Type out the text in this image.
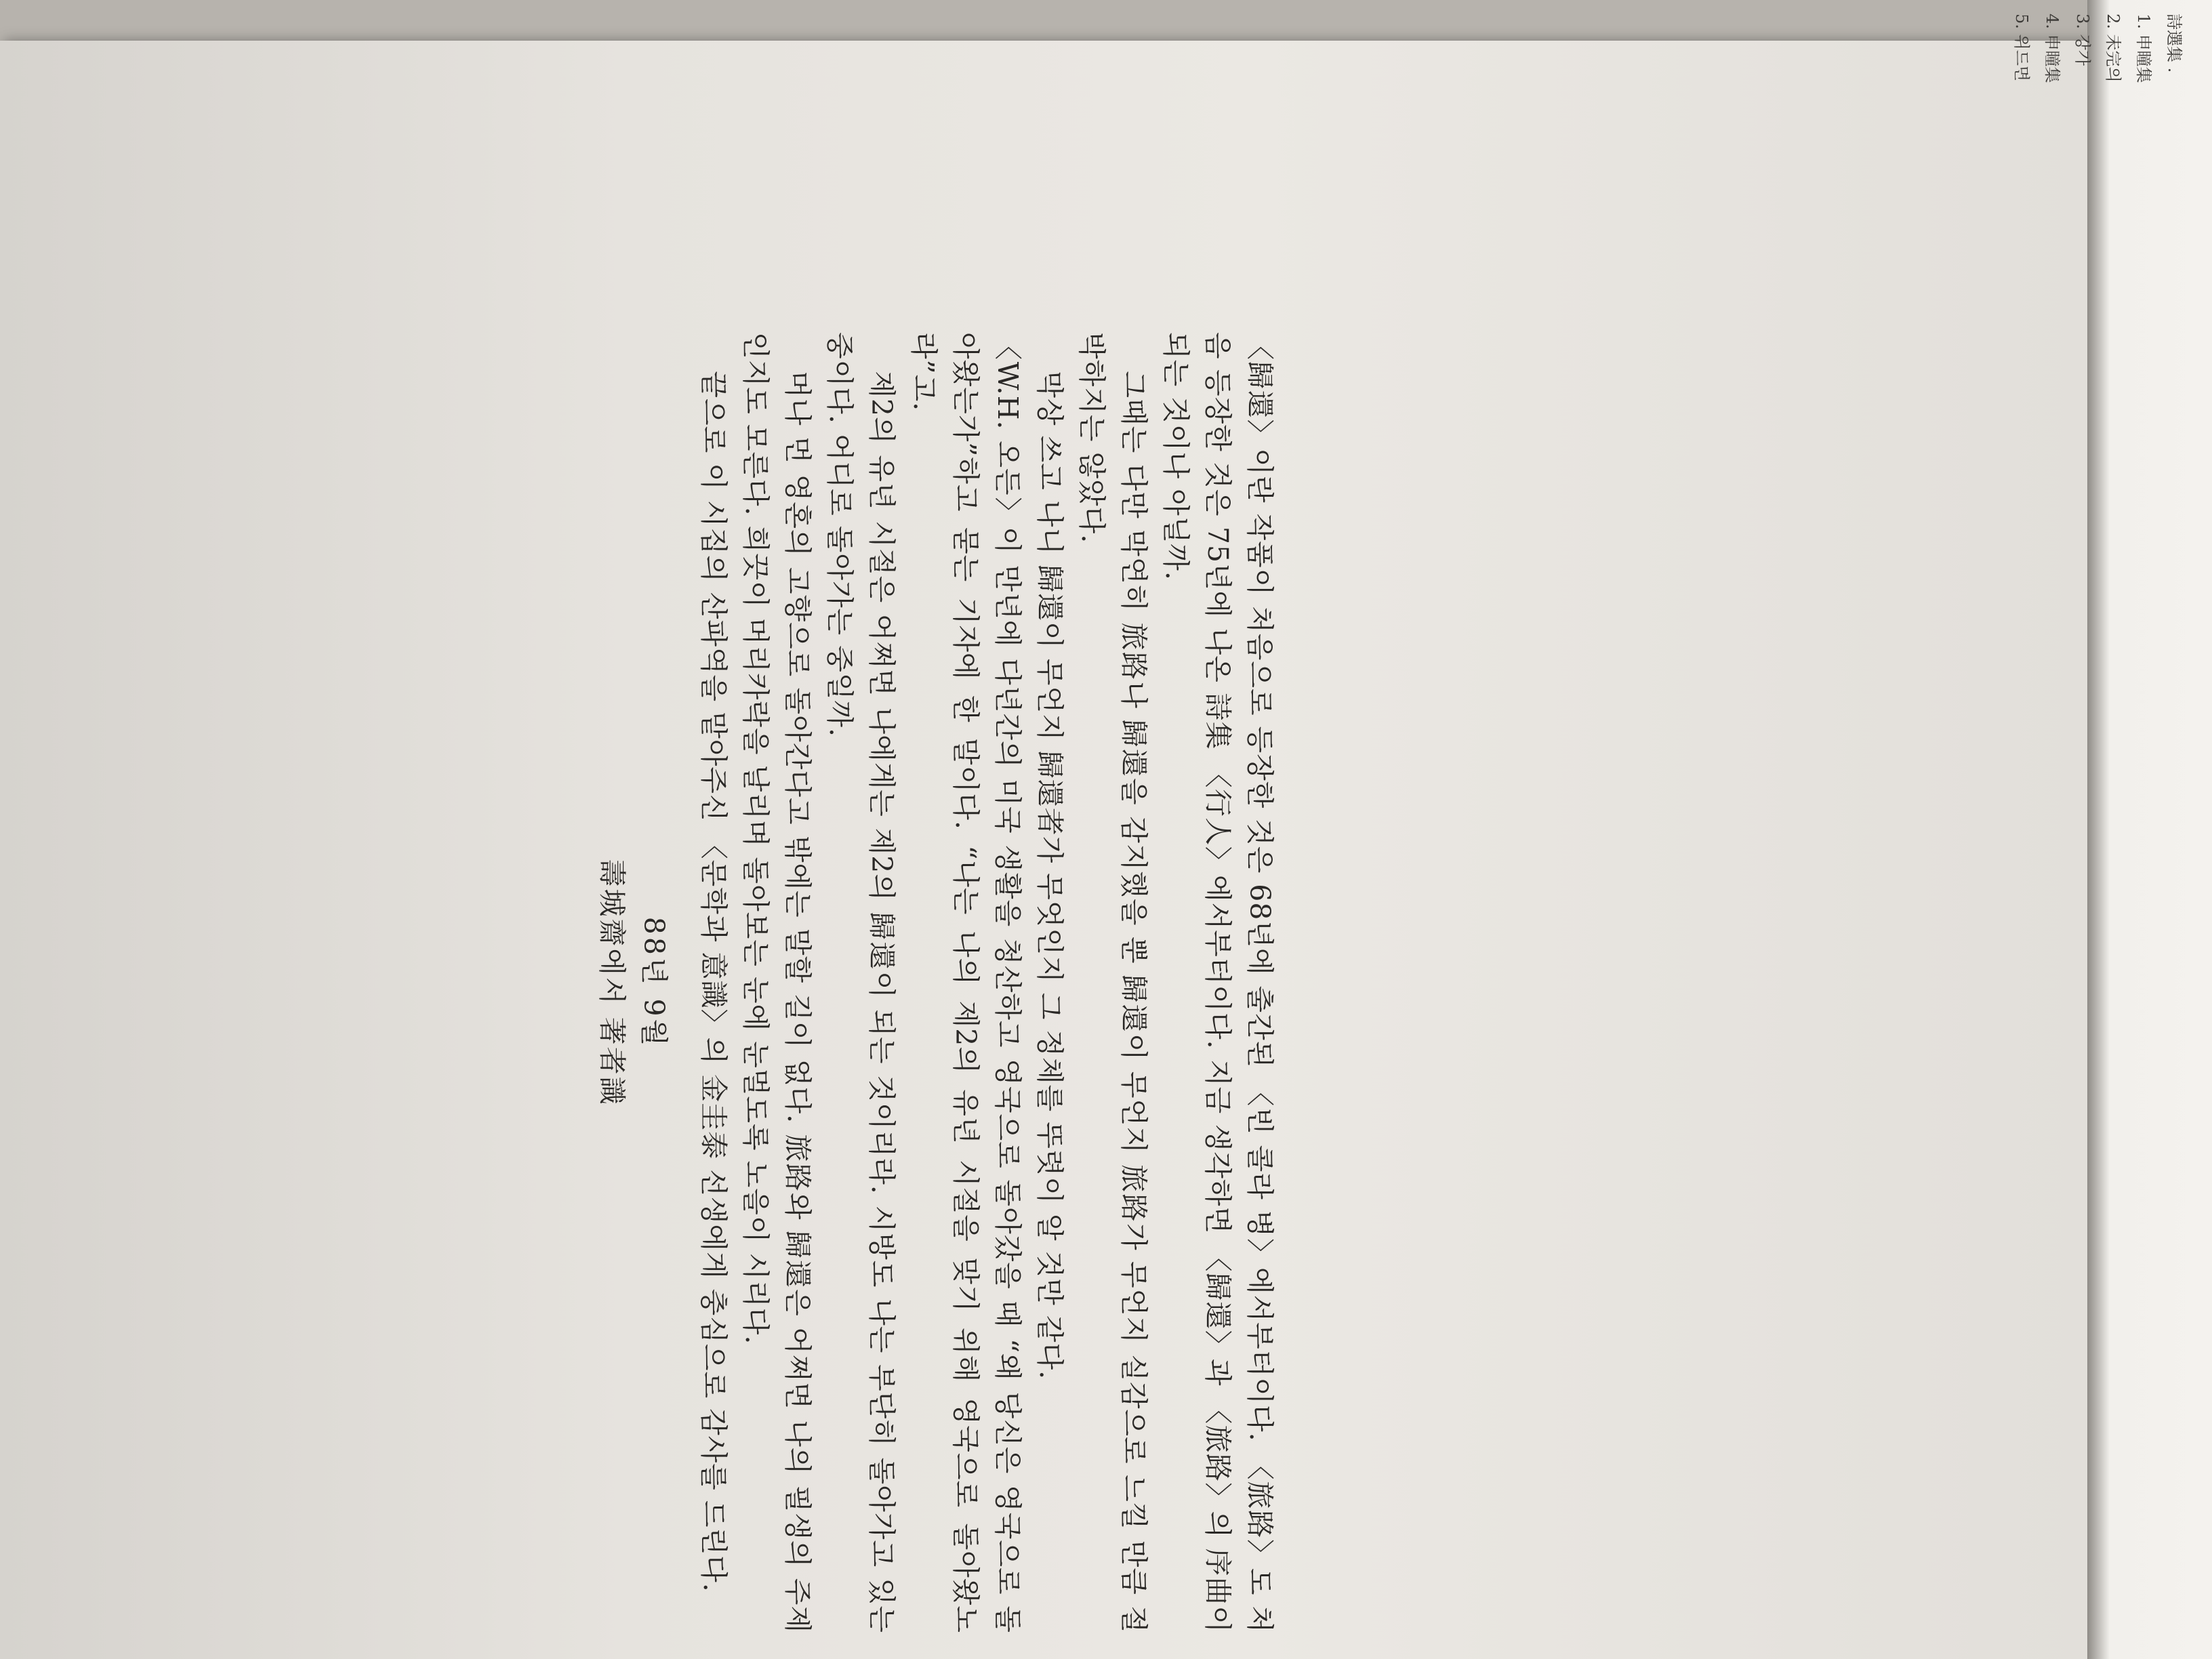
〈歸還〉이란 작품이 처음으로 등장한 것은 68년에 출간된 〈빈 콜라 병〉에서부터이다. 〈旅路〉도 처음 등장한 것은 75년에 나온 詩集 〈行人〉에서부터이다. 지금 생각하면 〈歸還〉과 〈旅路〉의 序曲이 되는 것이나 아닐까.

그때는 다만 막연히 旅路나 歸還을 감지했을 뿐 歸還이 무언지 旅路가 무언지 실감으로 느낄 만큼 절박하지는 않았다.

막상 쓰고 나니 歸還이 무언지 歸還者가 무엇인지 그 정체를 뚜렷이 알 것만 같다.

〈W.H. 오든〉이 만년에 다년간의 미국 생활을 청산하고 영국으로 돌아갔을 때 “왜 당신은 영국으로 돌아왔는가”하고 묻는 기자에 한 말이다. “나는 나의 제2의 유년 시절을 맞기 위해 영국으로 돌아왔노라”고.

제2의 유년 시절은 어쩌면 나에게는 제2의 歸還이 되는 것이리라. 시방도 나는 부단히 돌아가고 있는 중이다. 어디로 돌아가는 중일까.

머나 먼 영혼의 고향으로 돌아간다고 밖에는 말할 길이 없다. 旅路와 歸還은 어쩌면 나의 필생의 주제인지도 모른다. 희끗이 머리카락을 날리며 돌아보는 눈에 눈멀도록 노을이 시리다.

끝으로 이 시집의 산파역을 맡아주신 〈문학과 意識〉의 金圭泰 선생에게 충심으로 감사를 드린다.

88년 9월

壽城齋에서 著者識

詩選集 .
1. 申瞳集
2. 未完의
3. 강가
4. 申瞳集
5. 위드면
